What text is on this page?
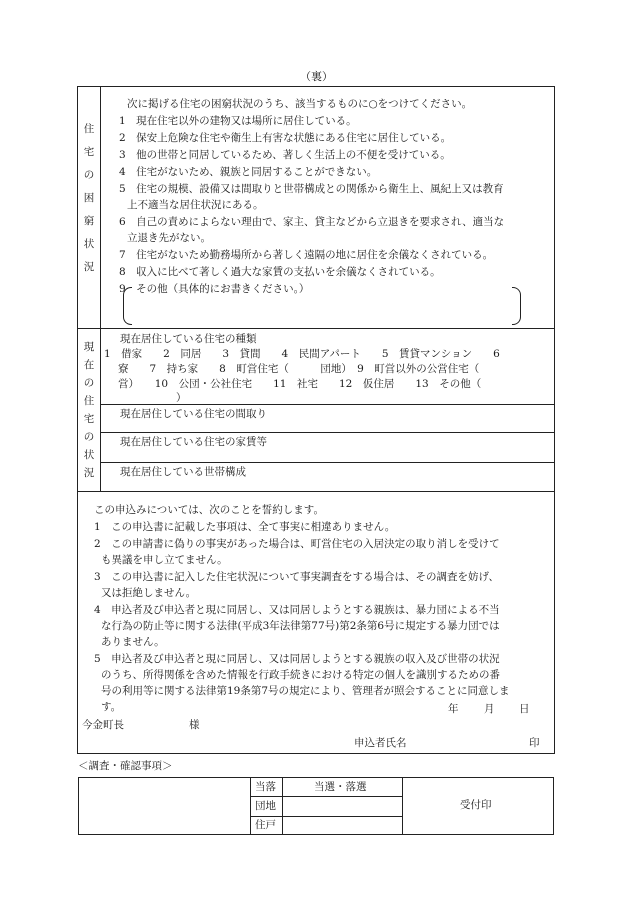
（裏）
住
宅
の
困
窮
状
況
次に掲げる住宅の困窮状況のうち、該当するものに○をつけてください。
1　現在住宅以外の建物又は場所に居住している。
2　保安上危険な住宅や衛生上有害な状態にある住宅に居住している。
3　他の世帯と同居しているため、著しく生活上の不便を受けている。
4　住宅がないため、親族と同居することができない。
5　住宅の規模、設備又は間取りと世帯構成との関係から衛生上、風紀上又は教育
上不適当な居住状況にある。
6　自己の責めによらない理由で、家主、貸主などから立退きを要求され、適当な
立退き先がない。
7　住宅がないため勤務場所から著しく遠隔の地に居住を余儀なくされている。
8　収入に比べて著しく過大な家賃の支払いを余儀なくされている。
9　その他（具体的にお書きください。）
現
在
の
住
宅
の
状
況
現在居住している住宅の種類
1　借家　　2　同居　　3　貸間　　4　民間アパート　　5　賃貸マンション　　6
寮　　7　持ち家　　8　町営住宅（　　　団地）　9　町営以外の公営住宅（
営）　　10　公団・公社住宅　　11　社宅　　12　仮住居　　13　その他（
）
現在居住している住宅の間取り
現在居住している住宅の家賃等
現在居住している世帯構成
この申込みについては、次のことを誓約します。
1　この申込書に記載した事項は、全て事実に相違ありません。
2　この申請書に偽りの事実があった場合は、町営住宅の入居決定の取り消しを受けて
も異議を申し立てません。
3　この申込書に記入した住宅状況について事実調査をする場合は、その調査を妨げ、
又は拒絶しません。
4　申込者及び申込者と現に同居し、又は同居しようとする親族は、暴力団による不当
な行為の防止等に関する法律(平成3年法律第77号)第2条第6号に規定する暴力団では
ありません。
5　申込者及び申込者と現に同居し、又は同居しようとする親族の収入及び世帯の状況
のうち、所得関係を含めた情報を行政手続きにおける特定の個人を識別するための番
号の利用等に関する法律第19条第7号の規定により、管理者が照会することに同意しま
す。	年 月 日
今金町長	様
申込者氏名	印
＜調査・確認事項＞
当落	当選・落選
団地
住戸
受付印
